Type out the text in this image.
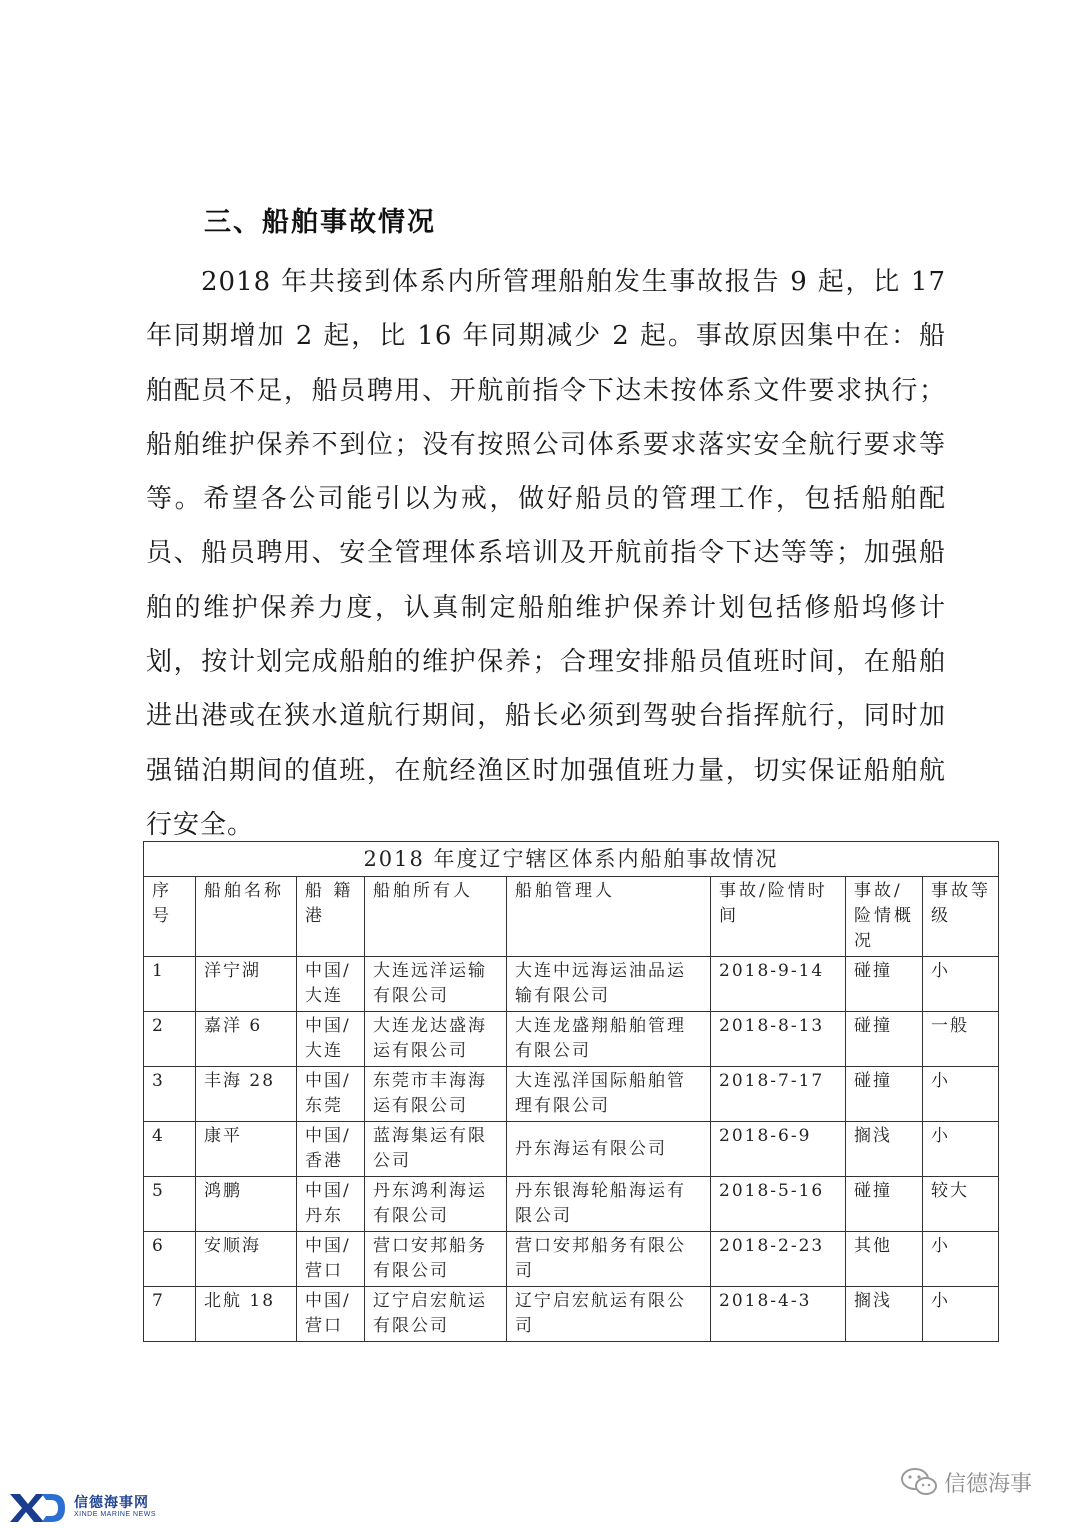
三、船舶事故情况

2018 年共接到体系内所管理船舶发生事故报告 9 起，比 17 年同期增加 2 起，比 16 年同期减少 2 起。事故原因集中在：船舶配员不足，船员聘用、开航前指令下达未按体系文件要求执行；船舶维护保养不到位；没有按照公司体系要求落实安全航行要求等等。希望各公司能引以为戒，做好船员的管理工作，包括船舶配员、船员聘用、安全管理体系培训及开航前指令下达等等；加强船舶的维护保养力度，认真制定船舶维护保养计划包括修船坞修计划，按计划完成船舶的维护保养；合理安排船员值班时间，在船舶进出港或在狭水道航行期间，船长必须到驾驶台指挥航行，同时加强锚泊期间的值班，在航经渔区时加强值班力量，切实保证船舶航行安全。

2018 年度辽宁辖区体系内船舶事故情况							
序号	船舶名称	船 籍港	船舶所有人	船舶管理人	事故/险情时间	事故/险情概况	事故等级
1	洋宁湖	中国/大连	大连远洋运输有限公司	大连中远海运油品运输有限公司	2018-9-14	碰撞	小
2	嘉洋 6	中国/大连	大连龙达盛海运有限公司	大连龙盛翔船舶管理有限公司	2018-8-13	碰撞	一般
3	丰海 28	中国/东莞	东莞市丰海海运有限公司	大连泓洋国际船舶管理有限公司	2018-7-17	碰撞	小
4	康平	中国/香港	蓝海集运有限公司	丹东海运有限公司	2018-6-9	搁浅	小
5	鸿鹏	中国/丹东	丹东鸿利海运有限公司	丹东银海轮船海运有限公司	2018-5-16	碰撞	较大
6	安顺海	中国/营口	营口安邦船务有限公司	营口安邦船务有限公司	2018-2-23	其他	小
7	北航 18	中国/营口	辽宁启宏航运有限公司	辽宁启宏航运有限公司	2018-4-3	搁浅	小
信德海事网
XINDE MARINE NEWS
信德海事
